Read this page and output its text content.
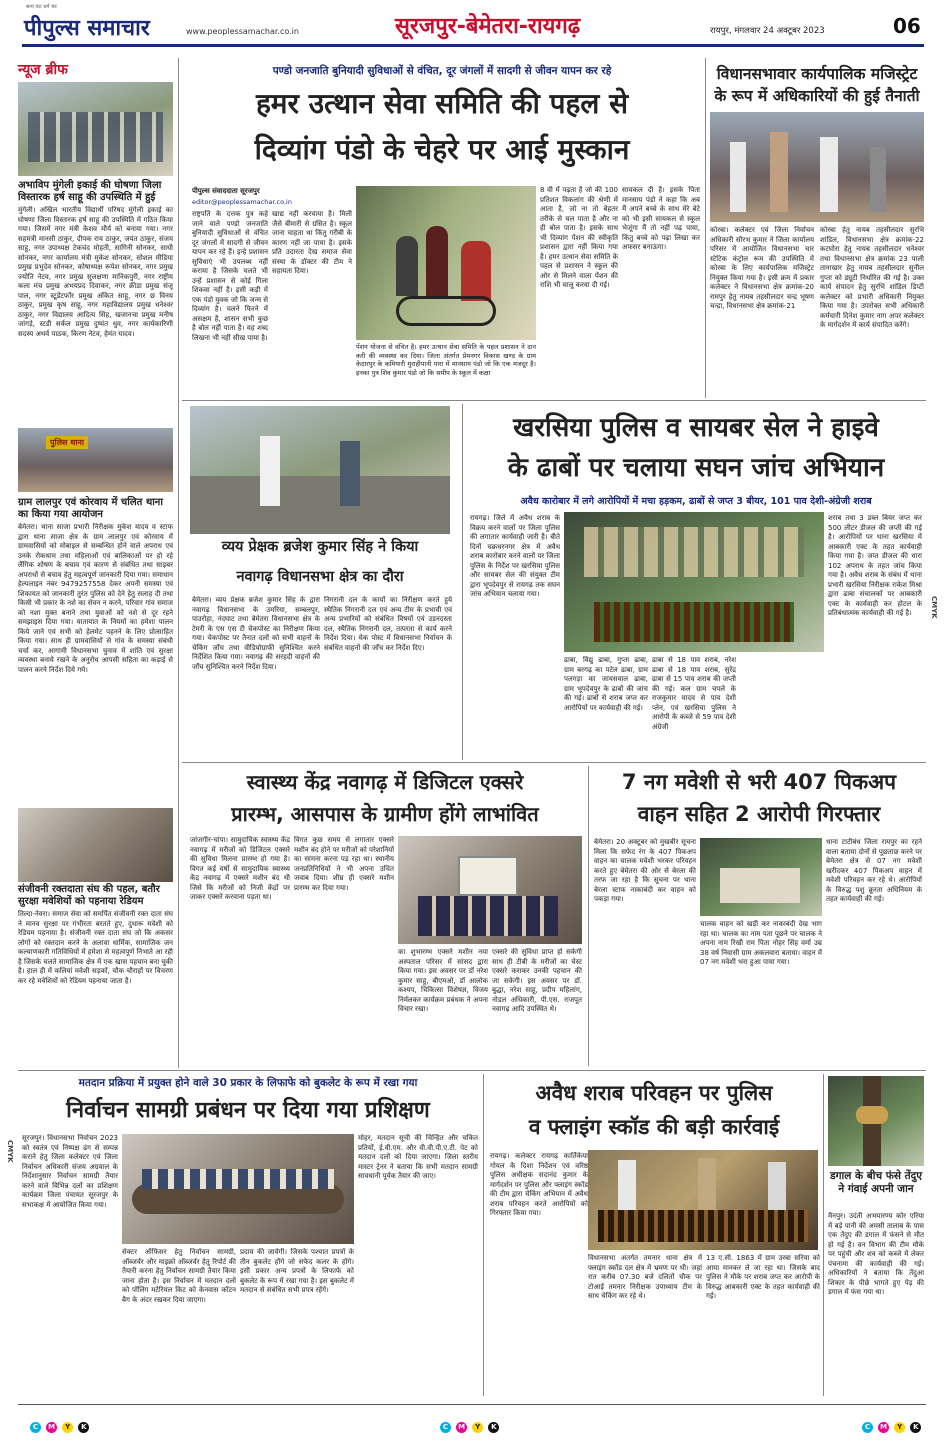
सत्यं वदः धर्मं चरः
पीपुल्स समाचार	www.peoplessamachar.co.in	सूरजपुर-बेमेतरा-रायगढ़	रायपुर, मंगलवार 24 अक्टूबर 2023	06
न्यूज ब्रीफ
अभाविप मुंगेली इकाई की घोषणा जिला विस्तारक हर्ष साहू की उपस्थिति में हुई
मुंगेली। अखिल भारतीय विद्यार्थी परिषद मुंगेली इकाई का घोषणा जिला विस्तारक हर्ष साहू की उपस्थिति में गठित किया गया। जिसमें नगर मंत्री केशव मौर्य को बनाया गया। नगर सहमंत्री मानसी ठाकुर, दीपक राय ठाकुर, जयंत ठाकुर, संजय साहू, नगर उपाध्यक्ष टेकचंद मोहती, सागिनी सोनकर, साधी सोनकर, नगर कार्यालय मंत्री मुकेश सोनकर, सोशल मीडिया प्रमुख प्रभुदेव सोनकर, कोषाध्यक्ष रूपेश सोनकर, नगर प्रमुख ज्योति नेटव, नगर प्रमुख सुलक्षणा मानिकपुरी, नगर राष्ट्रीय कला मंच प्रमुख अभयप्रद दिवाकर, नगर क्रीडा प्रमुख संजू पाल, नगर स्टूडेंटफॉर प्रमुख अंकित साहू, नगर छ विनय ठाकुर, प्रमुख कृष साहू, नगर महाविद्यालय प्रमुख धनेश्वर ठाकुर, नगर विद्यालय आदित्य सिंह, खजानचा प्रमुख मनीष जांगड़े, स्टडी सर्कल प्रमुख दुष्यंत धुव, नगर कार्यकारिणी सदस्य अथर्व पाठक, किरण नेटव, हेमंत यादव।
पुलिस थाना
ग्राम लालपुर एवं कोरवाय में चलित थाना का किया गया आयोजन
बेमेतरा। थाना साजा प्रभारी निरीक्षक मुकेश यादव व स्टाफ द्वारा थाना साजा क्षेत्र के ग्राम लालपुर एवं कोरवाय में ग्रामवासियों को मोबाइल से सम्बन्धित होने वाले अपराध एवं उनके रोकथाम तथा महिलाओं एवं बालिकाओं पर हो रहे लैंगिक शोषण के बचाव एवं कारण से संबंधित तथा साइबर अपराधों से बचाव हेतु महत्वपूर्ण जानकारी दिया गया। समाधान हेल्पलाइन नंबर 9479257558 देकर अपनी समस्या एवं शिकायत को जानकारी तुरंत पुलिस को देने हेतु सलाह दी तथा किसी भी प्रकार के नशे का सेवन न करने, परिवार गांव समाज को नशा मुक्त बनाने तथा युवाओं को नशे से दूर रहने समझाइस दिया गया। यातायात के नियमों का हमेशा पालन किये जाने एवं सभी को हेलमेट पहनने के लिए प्रोत्साहित किया गया। साथ ही ग्रामवासियों से गांव के समस्या संबंधी चर्चा कर, आगामी विधानसभा चुनाव में शांति एवं सुरक्षा व्यवस्था बनाये रखने के अनुरोध आपसी सहिता का कड़ाई से पालन करने निर्देश दिये गये।
संजीवनी रक्तदाता संघ की पहल, बतौर सुरक्षा मवेशियों को पहनाया रेडियम
तिल्दा-नेवरा। समाज सेवा को समर्पित संजीवनी रक्त दाता संघ ने मानव सुरक्षा पर गंभीरता बरतते हुए, दुधारू मवेशी को रेडियम पहनाया है। संजीवनी रक्त दाता संघ जो कि अकसर लोगों को रक्तदान करने के अलावा धार्मिक, सामाजिक जन कल्याणकारी गतिविधियों में हमेशा से महत्वपूर्ण निभाते आ रही है जिसके चलते सामाजिक क्षेत्र में एक खास पहचान बना चुकी है। हाल ही में कलियां मवेशी सड़कों, चौक चौराहों पर विचरण कर रहे मवेशियों को रेडियम पहनाया जाता है।
पण्डो जनजाति बुनियादी सुविधाओं से वंचित, दूर जंगलों में सादगी से जीवन यापन कर रहे
हमर उत्थान सेवा समिति की पहल से
दिव्यांग पंडो के चेहरे पर आई मुस्कान
पीपुल्स संवाददाता सूरजपुर
editor@peoplessamachar.co.in
राष्ट्रपति के दत्तक पुत्र कहे जाने वाले पण्डो जनजाति बुनियादी सुविधाओं से वंचित दूर जंगलों में सादगी से जीवन यापन कर रहे हैं। इन्हे प्रशासन सुविधाएं भी उपलब्ध नहीं कराया है जिसके चलते भी उन्हें प्रशासन से कोई गिला शिकवा नहीं है। इसी कड़ी में एक पंडो युवक जो कि जन्म से दिव्यांग है। चलने फिरने में असक्षम है, शासन सभी कुछ है बोल नहीं पाता है। वह शब्द लिखना भी नहीं सीख पाया है।
खाद्य नहीं करवाया है। मिली जैसे बीमारी से ग्रसित है। स्कूल जाना चाहता था किंतु गरीबी के कारण नहीं जा पाया है। इसके प्रति उदारता देख समाज सेवा संस्था के डॉक्टर की टीम ने सहायता दिया।
पेंशन योजना से वंचित है। हमर उत्थान सेवा समिति के पहल प्रशासन ने दान करी की व्यवस्था कर दिया। जिला अंतर्गत प्रेमनगर विकास खण्ड के ग्राम केदारपुर के कमियारी मुराहीपानी पारा में मानसाय पंडो जो कि एक मजदूर है। इनका पुत्र शिव कुमार पंडो जो कि समीप के स्कूल में कक्षा
8 वी में पढ़ता है जो की 100 प्रतिशत विकलांग की श्रेणी में आता है, जो ना तो बेहतर तरीके से चल पाता है और ना ही बोल पाता है। इसके साथ भी दिव्यांग पेंशन की स्वीकृति प्रशासन द्वारा नहीं किया गया है। हमर उत्थान सेवा समिति के पहल से प्रशासन ने स्कूल की ओर से मिलने वाला पेंशन की राशि भी चालू करवा दी गई।
सायकल दी है। इसके पिता मानसाय पंडो ने कहा कि अब मैं अपने बच्चे के साथ मेरे बेटे को भी इसी सायकल से स्कूल भेजूंगा मैं तो नहीं पढ़ पाया, किंतु बच्चे को पढ़ा लिखा कर अफसर बनाऊंगा।
विधानसभावार कार्यपालिक मजिस्ट्रेट
के रूप में अधिकारियों की हुई तैनाती
कोरबा। कलेक्टर एवं जिला निर्वाचन अधिकारी सौरभ कुमार ने जिला कार्यालय परिसर में आयोजित विधानसभा चार स्टेटिक कंट्रोल रूम की उपस्थिति में कोरबा के लिए कार्यपालिक मजिस्ट्रेट नियुक्त किया गया है। इसी क्रम में प्रकार कलेक्टर ने विधानसभा क्षेत्र क्रमांक-20 रामपुर हेतु नायब तहसीलदार चन्द्र भूषण चन्द्रा, विधानसभा क्षेत्र क्रमांक-21
कोरबा हेतु नायब तहसीलदार सुरभि शांडिल, विधानसभा क्षेत्र क्रमांक-22 कटघोरा हेतु नायब तहसीलदार धनेश्वर तथा विधानसभा क्षेत्र क्रमांक 23 पाली तानाखार हेतु नायब तहसीलदार सुनील गुप्ता को ड्यूटी निर्धारित की गई है। उक्त कार्य संपादन हेतु सुरभि शांडिल डिप्टी कलेक्टर को प्रभारी अधिकारी नियुक्त किया गया है। उपरोक्त सभी अधिकारी कर्मचारी दिनेश कुमार नाग अपर कलेक्टर के मार्गदर्शन में कार्य संपादित करेंगे।
व्यय प्रेक्षक ब्रजेश कुमार सिंह ने किया
नवागढ़ विधानसभा क्षेत्र का दौरा
बेमेतरा। व्यय प्रेक्षक ब्रजेश कुमार सिंह के द्वारा नवागढ़ विधानसभा के उमरिया, सम्बलपुर, पाउरोहा, नंदघाट तथा बेमेतरा विधानसभा क्षेत्र के टेमरी के एस एस टी चेकपोस्ट का निरीक्षण किया गया। चेकपोस्ट पर तैनात दलों को सभी वाहनों के चेकिंग जाँच तथा वीडियोग्राफी सुनिश्चित करने निर्देशित किया गया। नवागढ़ की सरहदी वाहनों की जाँच सुनिश्चित करने निर्देश दिया।
निगरानी दल के कार्यो का निरीक्षण करते हुये स्थैतिक निगरानी दल एवं अन्य टीम के प्रभावी एवं अन्य प्रभारियों को संबंधित विषयों एवं उड़नदस्ता दल, स्थैतिक निगरानी दल, तत्परता से कार्य करने निर्देश दिया। चेक पोस्ट में विधानसभा निर्वाचन के संबंधित वाहनों की जाँच कर निर्देश दिए।
खरसिया पुलिस व सायबर सेल ने हाइवे
के ढाबों पर चलाया सघन जांच अभियान
अवैध कारोबार में लगे आरोपियों में मचा हड़कम, ढाबों से जप्त 3 बीयर, 101 पाव देशी-अंग्रेजी शराब
रायगढ़। जिले में अवैध शराब के विक्रय करने वालों पर जिला पुलिस की लगातार कार्यवाही जारी है। बीते दिनों चक्रधरनगर क्षेत्र में अवैध शराब कारोबार करने वालों पर जिला पुलिस के निर्देश पर खरसिया पुलिस और सायबर सेल की संयुक्त टीम द्वारा भूपदेवपुर से रायगढ़ तक सघन जांच अभियान चलाया गया।
ढाबा, विद्यु ढाबा, गुप्ता ढाबा, ग्राम बरगढ़ का पटेल ढाबा, ग्राम पलगड़ा का जायसवाल ढाबा, ग्राम भूपदेवपुर के ढाबों की जांच की गई। ढाबों से शराब जप्त कर आरोपियों पर कार्यवाही की गई।
ढाबा से 18 पाव शराब, नरेश ढाबा से 18 पाव शराब, सुरेंद्र ढाबा से 15 पाव शराब की जप्ती की गई। कल ग्राम चपले के राजकुमार यादव से पाव देशी प्लेन, एवं खरसिया पुलिस ने आरोपी के कब्जे से 59 पाव देशी अंग्रेजी
शराब तथा 3 डब्ल बियर जप्त कर 500 लीटर डीजल की जप्ती की गई है। आरोपियों पर थाना खरसिया में आबकारी एक्ट के तहत कार्यवाही किया गया है। जप्त डीजल की धारा 102 अपराध के तहत जांच किया गया है। अवैध शराब के संबंध में थाना प्रभारी खरसिया निरीक्षक राकेश मिश्रा द्वारा ढाबा संचालकों पर आबकारी एक्ट के कार्यवाही कर होटल के प्रतिबंधात्मक कार्यवाही की गई है।
स्वास्थ्य केंद्र नवागढ़ में डिजिटल एक्सरे
प्रारम्भ, आसपास के ग्रामीण होंगे लाभांवित
जांजगीर-चांपा। सामुदायिक स्वास्थ्य केंद्र नवागढ़ में मरीजों को डिजिटल एक्सरे की सुविधा मिलना प्रारम्भ हो गया है। विगत कई वर्षो से सामुदायिक स्वास्थ्य केंद्र नवागढ़ में एक्सरे मशीन बंद थी जिसे कि मरीजों को निजी केंद्रों पर जाकर एक्सरे करवाना पड़ता था।
विगत कुछ समय से लगातार एक्सरे मशीन बंद होने पर मरीजों को परेशानियों का सामना करना पड़ रहा था। स्थानीय जनप्रतिनिधियों ने भी अपना उचित जवाब दिया। शीघ्र ही एक्सरे मशीन प्रारम्भ कर दिया गया।
का शुभारम्भ एक्सरे मशीन नया अस्पताल परिसर में सांसद द्वारा किया गया। इस अवसर पर डॉ नरेश कुमार साहू, बीएमओ, डॉ आलोक कश्यप, चिकित्सा विशेषज्ञ, विजय निर्मलकर कार्यक्रम प्रबंधक ने अपना विचार रखा।
एक्सरे की सुविधा प्राप्त हो सकेगी साथ ही टीबी के मरीजों का चेस्ट एक्सरे कराकर उनकी पहचान की जा सकेगी। इस अवसर पर डॉ. बुद्धा, नरेश साहू, प्रदीप महिलांग, नोडल अधिकारी, पी.एस. राजपूत नवागढ़ आदि उपस्थित थे।
7 नग मवेशी से भरी 407 पिकअप
वाहन सहित 2 आरोपी गिरफ्तार
बेमेतरा। 20 अक्टूबर को मुखबीर सूचना मिला कि सफेद रंग के 407 पिकअप वाहन का चालक मवेशी भरकर परिवहन करते हुए बेमेतरा की ओर से बेरला की तरफ जा रहा है कि सूचना पर थाना बेरला स्टाफ नाकाबंदी कर वाहन को पकड़ा गया।
चालक वाहन को खड़ी कर नाकाबंदी देख भाग रहा था। चालक का नाम पता पूछने पर चालक ने अपना नाम रिखी राम पिता नोहर सिंह वर्मा उम्र 38 वर्ष निवासी ग्राम अकलवारा बताया। वाहन में 07 नग मवेशी भरा हुआ पाया गया।
थाना टाटीबंध जिला रायपुर का रहने वाला बताया दोनों से पूछताछ करने पर बेमेतरा क्षेत्र से 07 नग मवेशी खरीदकर 407 पिकअप वाहन में मवेशी परिवहन कर रहे थे। आरोपियों के विरुद्ध पशु क्रूरता अधिनियम के तहत कार्यवाही की गई।
मतदान प्रक्रिया में प्रयुक्त होने वाले 30 प्रकार के लिफाफे को बुकलेट के रूप में रखा गया
निर्वाचन सामग्री प्रबंधन पर दिया गया प्रशिक्षण
सूरजपुर। विधानसभा निर्वाचन 2023 को स्वतंत्र एवं निष्पक्ष ढंग से सम्पन्न कराने हेतु जिला कलेक्टर एवं जिला निर्वाचन अधिकारी संजय अग्रवाल के निर्देशानुसार निर्वाचन सामग्री तैयार करने वाले विभिन्न दलों का प्रशिक्षण कार्यक्रम जिला पंचायत सूरजपुर के सभाकक्ष में आयोजित किया गया।
सेक्टर ऑफिसर हेतु निर्वाचन सामग्री, ऑब्जर्वर और माइक्रो ऑब्जर्वर हेतु रिपोर्ट की तैयारी करना हेतु निर्वाचन सामग्री तैयार किया जाना होता है। इस निर्वाचन में मतदान दलों को पॉलिंग मटेरियल किट को केनवास कॉटन बैग के अंदर रखकर दिया जाएगा।
प्रदाय की जायेगी। जिसके पश्चात प्रपत्रों के तीन बुकलेट होंगे जो सफेद कलर के होंगे। इसी प्रकार अन्य प्रपत्रों के लिफाफे को बुकलेट के रूप में रखा गया है। इस बुकलेट में मतदान से संबंधित सभी प्रपत्र रहेंगे।
मोहर, मतदान सूची की चिन्हित और चकित प्रतियों, ई.वी.एम. और वी.वी.पी.ए.टी. पेट को मतदान दलों को दिया जाएगा। जिला स्तरीय मास्टर ट्रेनर ने बताया कि सभी मतदान सामग्री सावधानी पूर्वक तैयार की जाए।
अवैध शराब परिवहन पर पुलिस
व फ्लाइंग स्कॉड की बड़ी कार्रवाई
रायगढ़। कलेक्टर रायगढ़ कार्तिकेया गोयल के दिशा निर्देशन एवं वरिष्ठ पुलिस अधीक्षक सदानंद कुमार के मार्गदर्शन पर पुलिस और फ्लाइंग स्कॉड की टीम द्वारा चेकिंग अभियान में अवैध शराब परिवहन करते आरोपियों को गिरफ्तार किया गया।
विधानसभा अंतर्गत तमनार थाना क्षेत्र में फ्लाइंग स्कॉड दल क्षेत्र में भ्रमण पर थी। जहां रात करीब 07.30 बजे दलितों चौक पर टोआई तमनार निरीक्षक उपाध्याय टीम के साथ चेकिंग कर रहे थे।
13 ए.सी. 1863 में ग्राम उरबा सरिया को आया मानकर ले जा रहा था। जिसके बाद पुलिस ने मौके पर शराब जप्त कर आरोपी के विरुद्ध आबकारी एक्ट के तहत कार्यवाही की गई।
डगाल के बीच फंसे तेंदुए ने गंवाई अपनी जान
मैनपुर। उदंती अभयारण्य कोर एरिया में बड़े पानी की अमसी तालाब के पास एक तेंदुए की डगाल में फंसने से मौत हो गई है। वन विभाग की टीम मौके पर पहुंची और शव को कब्जे में लेकर पंचनामा की कार्यवाही की गई। अधिकारियों ने बताया कि तेंदुआ शिकार के पीछे भागते हुए पेड़ की डगाल में फंस गया था।
C M Y K	C M Y K	C M Y K
CMYK
CMYK
